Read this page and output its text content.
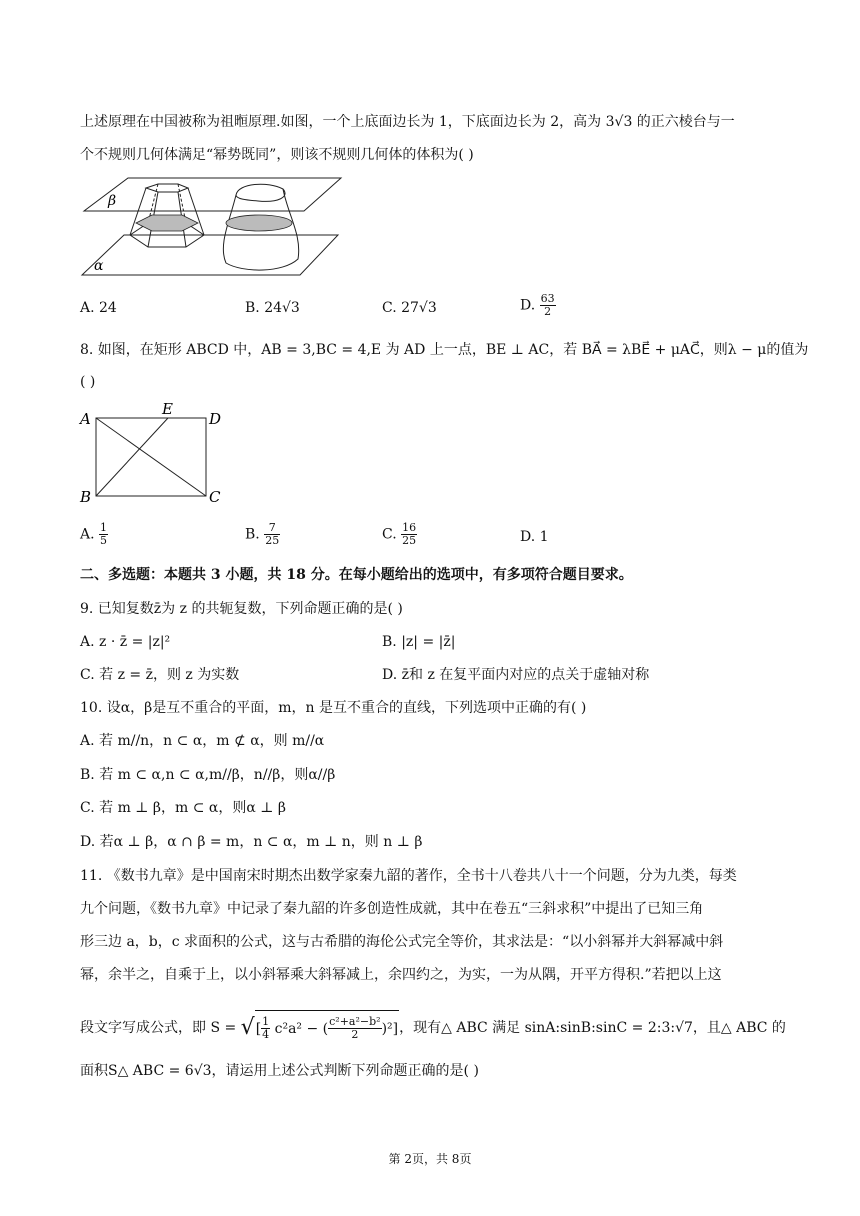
上述原理在中国被称为祖暅原理.如图，一个上底面边长为 1，下底面边长为 2，高为 3√3 的正六棱台与一
个不规则几何体满足“幂势既同”，则该不规则几何体的体积为( )
β
α
A. 24	B. 24√3	C. 27√3	D. $\frac{63}{2}$
8. 如图，在矩形 ABCD 中，AB = 3,BC = 4,E 为 AD 上一点，BE ⊥ AC，若 BA⃗ = λBE⃗ + μAC⃗，则λ − μ的值为
( )
A
E
D
B	C
A. $\frac{1}{5}$	B. $\frac{7}{25}$	C. $\frac{16}{25}$	D. 1
二、多选题：本题共 3 小题，共 18 分。在每小题给出的选项中，有多项符合题目要求。
9. 已知复数z̄为 z 的共轭复数，下列命题正确的是( )
A. z · z̄ = |z|²	B. |z| = |z̄|
C. 若 z = z̄，则 z 为实数	D. z̄和 z 在复平面内对应的点关于虚轴对称
10. 设α，β是互不重合的平面，m，n 是互不重合的直线，下列选项中正确的有( )
A. 若 m//n，n ⊂ α，m ⊄ α，则 m//α
B. 若 m ⊂ α,n ⊂ α,m//β，n//β，则α//β
C. 若 m ⊥ β，m ⊂ α，则α ⊥ β
D. 若α ⊥ β，α ∩ β = m，n ⊂ α，m ⊥ n，则 n ⊥ β
11. 《数书九章》是中国南宋时期杰出数学家秦九韶的著作，全书十八卷共八十一个问题，分为九类，每类
九个问题，《数书九章》中记录了秦九韶的许多创造性成就，其中在卷五“三斜求积”中提出了已知三角
形三边 a，b，c 求面积的公式，这与古希腊的海伦公式完全等价，其求法是：“以小斜幂并大斜幂减中斜
幂，余半之，自乘于上，以小斜幂乘大斜幂减上，余四约之，为实，一为从隅，开平方得积.”若把以上这
段文字写成公式，即 S = √[ $\frac{1}{4} c^2a^2$ − ( $\frac{\text{c²+a²−b²}}{2} )^2$]，现有△ ABC 满足 sinA:sinB:sinC = 2:3:√7，且△ ABC 的
面积S△ ABC = 6√3，请运用上述公式判断下列命题正确的是( )
第 2页，共 8页
